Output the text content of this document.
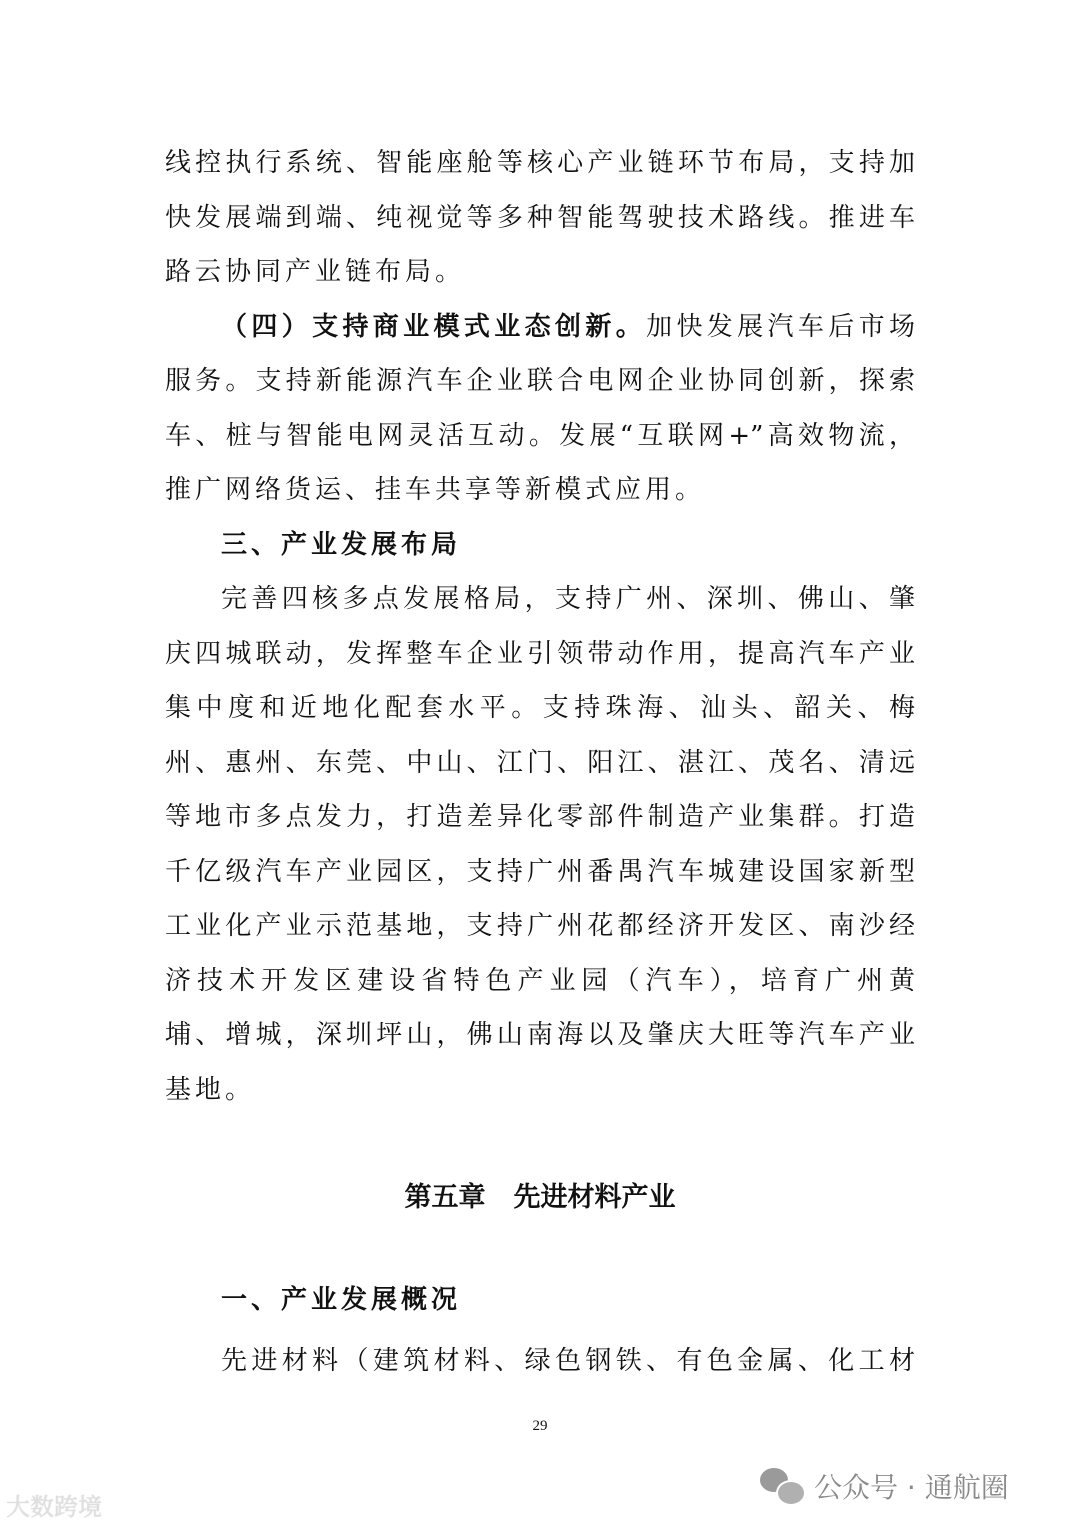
线控执行系统、智能座舱等核心产业链环节布局，支持加
快发展端到端、纯视觉等多种智能驾驶技术路线。推进车
路云协同产业链布局。
（四）支持商业模式业态创新。加快发展汽车后市场
服务。支持新能源汽车企业联合电网企业协同创新，探索
车、桩与智能电网灵活互动。发展“互联网+”高效物流，
推广网络货运、挂车共享等新模式应用。
三、产业发展布局
完善四核多点发展格局，支持广州、深圳、佛山、肇
庆四城联动，发挥整车企业引领带动作用，提高汽车产业
集中度和近地化配套水平。支持珠海、汕头、韶关、梅
州、惠州、东莞、中山、江门、阳江、湛江、茂名、清远
等地市多点发力，打造差异化零部件制造产业集群。打造
千亿级汽车产业园区，支持广州番禺汽车城建设国家新型
工业化产业示范基地，支持广州花都经济开发区、南沙经
济技术开发区建设省特色产业园（汽车），培育广州黄
埔、增城，深圳坪山，佛山南海以及肇庆大旺等汽车产业
基地。
第五章 先进材料产业
一、产业发展概况
先进材料（建筑材料、绿色钢铁、有色金属、化工材
29
大数跨境
公众号 · 通航圈
